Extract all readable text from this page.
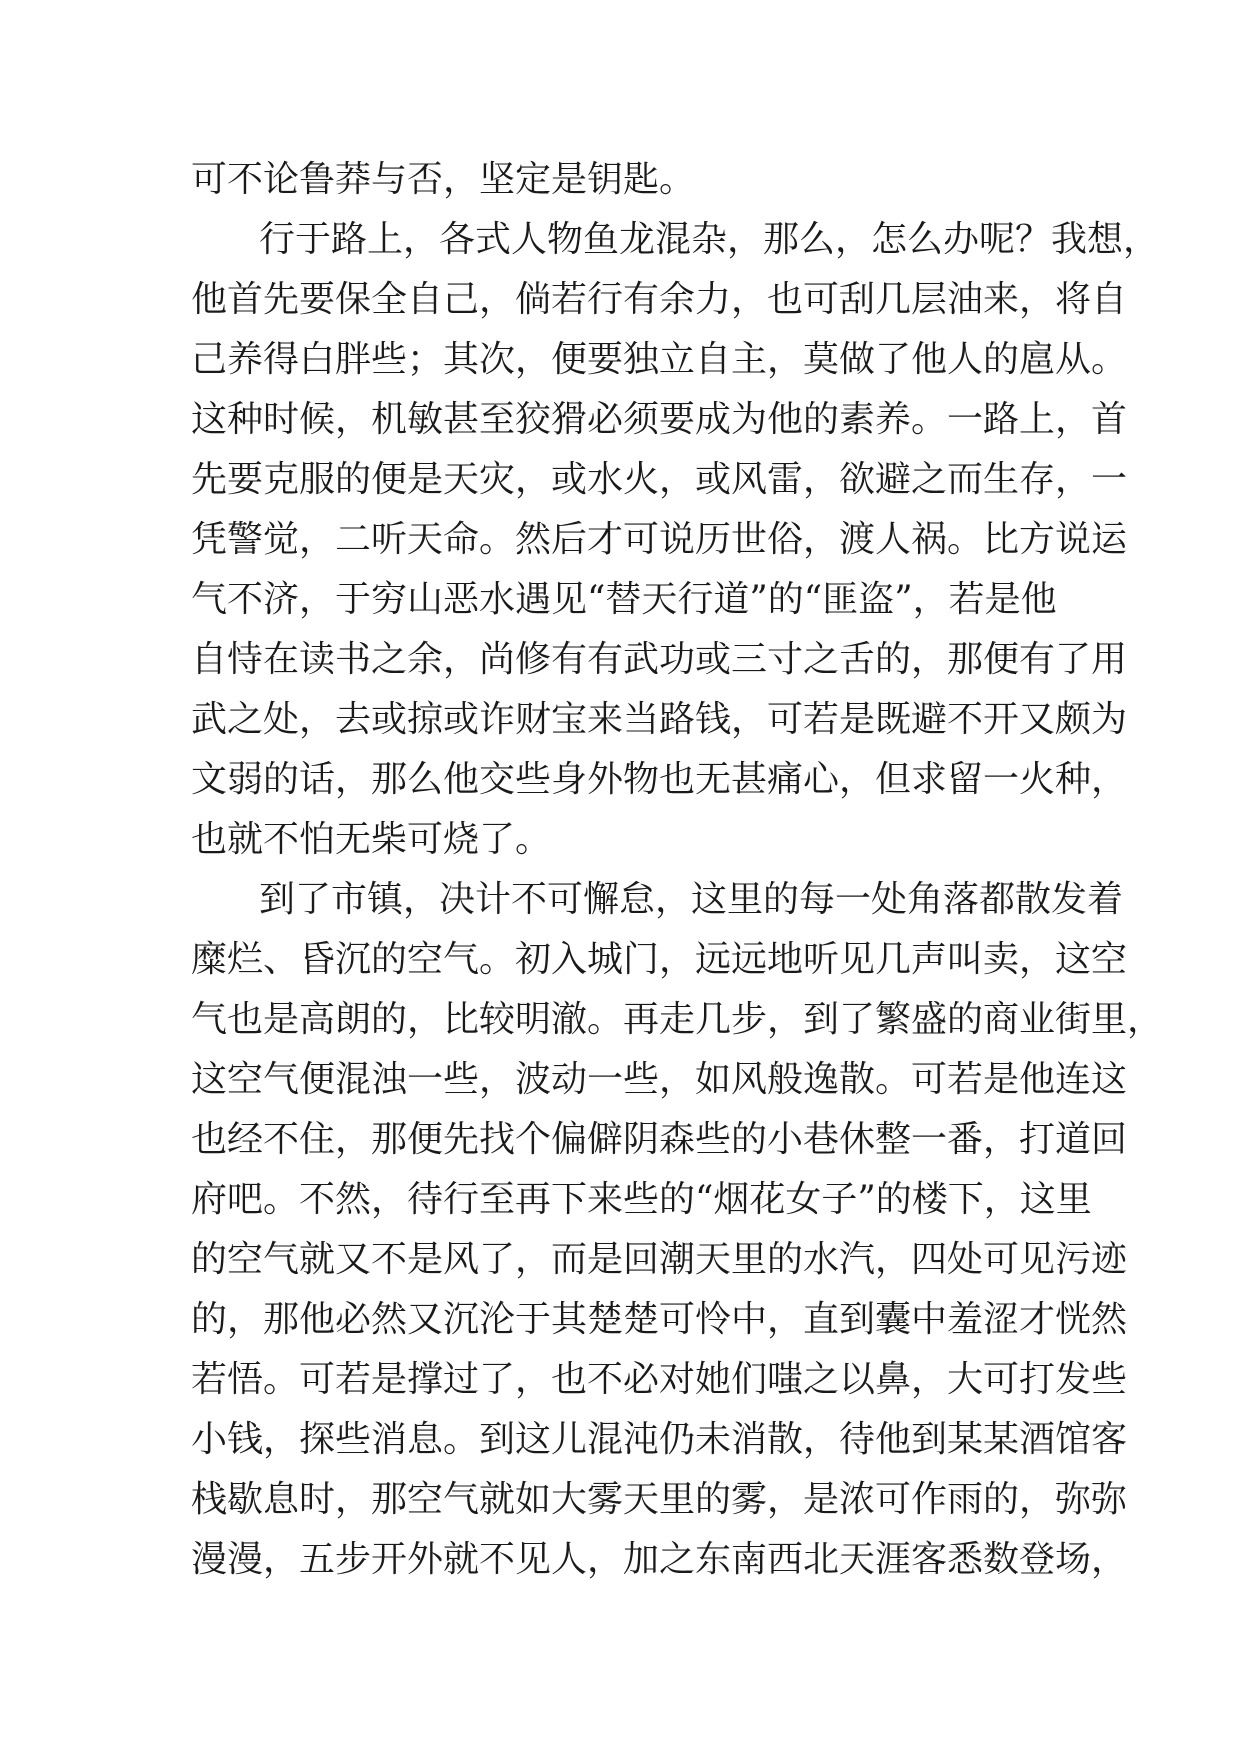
可不论鲁莽与否，坚定是钥匙。
行于路上，各式人物鱼龙混杂，那么，怎么办呢？我想，
他首先要保全自己，倘若行有余力，也可刮几层油来，将自
己养得白胖些；其次，便要独立自主，莫做了他人的扈从。
这种时候，机敏甚至狡猾必须要成为他的素养。一路上，首
先要克服的便是天灾，或水火，或风雷，欲避之而生存，一
凭警觉，二听天命。然后才可说历世俗，渡人祸。比方说运
气不济，于穷山恶水遇见“替天行道”的“匪盗”，若是他
自恃在读书之余，尚修有有武功或三寸之舌的，那便有了用
武之处，去或掠或诈财宝来当路钱，可若是既避不开又颇为
文弱的话，那么他交些身外物也无甚痛心，但求留一火种，
也就不怕无柴可烧了。
到了市镇，决计不可懈怠，这里的每一处角落都散发着
糜烂、昏沉的空气。初入城门，远远地听见几声叫卖，这空
气也是高朗的，比较明澈。再走几步，到了繁盛的商业街里，
这空气便混浊一些，波动一些，如风般逸散。可若是他连这
也经不住，那便先找个偏僻阴森些的小巷休整一番，打道回
府吧。不然，待行至再下来些的“烟花女子”的楼下，这里
的空气就又不是风了，而是回潮天里的水汽，四处可见污迹
的，那他必然又沉沦于其楚楚可怜中，直到囊中羞涩才恍然
若悟。可若是撑过了，也不必对她们嗤之以鼻，大可打发些
小钱，探些消息。到这儿混沌仍未消散，待他到某某酒馆客
栈歇息时，那空气就如大雾天里的雾，是浓可作雨的，弥弥
漫漫，五步开外就不见人，加之东南西北天涯客悉数登场，
